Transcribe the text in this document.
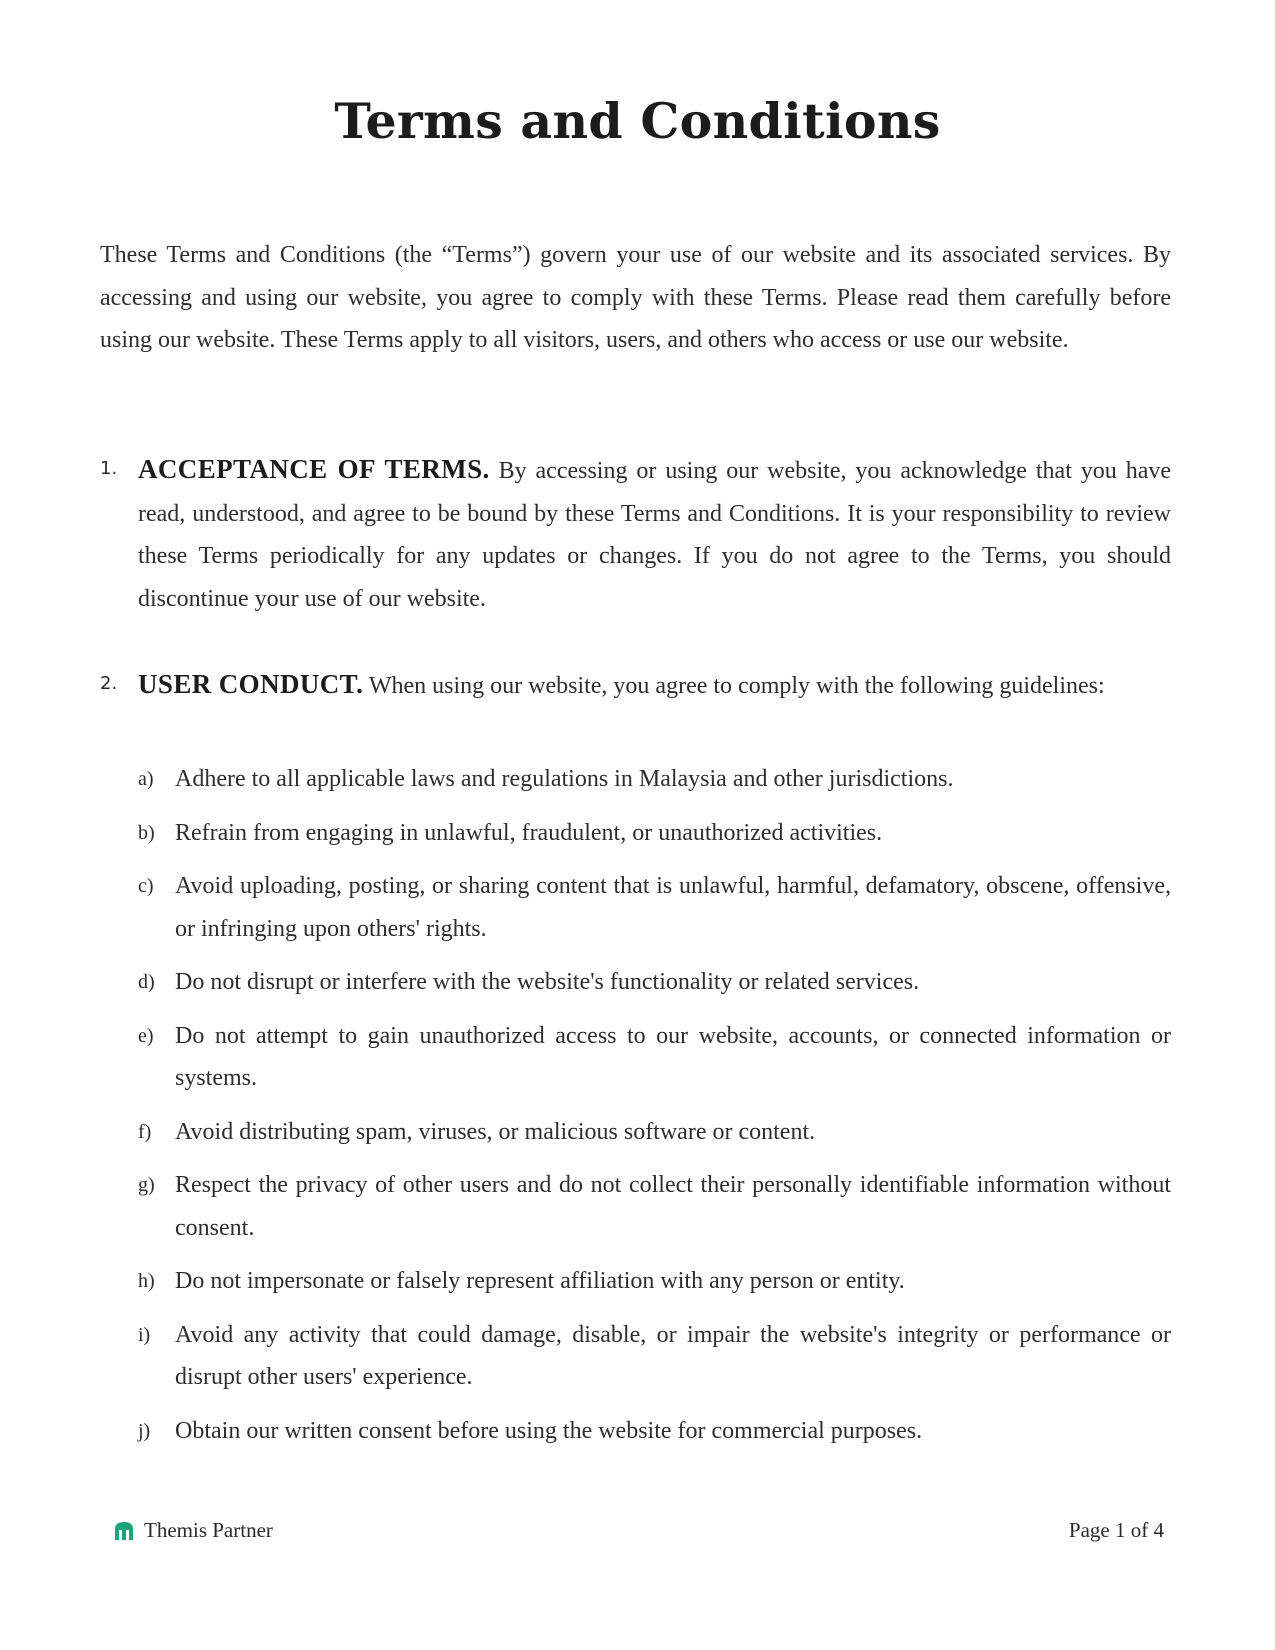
Terms and Conditions

These Terms and Conditions (the “Terms”) govern your use of our website and its associated services. By accessing and using our website, you agree to comply with these Terms. Please read them carefully before using our website. These Terms apply to all visitors, users, and others who access or use our website.

1. ACCEPTANCE OF TERMS. By accessing or using our website, you acknowledge that you have read, understood, and agree to be bound by these Terms and Conditions. It is your responsibility to review these Terms periodically for any updates or changes. If you do not agree to the Terms, you should discontinue your use of our website.
2. USER CONDUCT. When using our website, you agree to comply with the following guidelines:
a) Adhere to all applicable laws and regulations in Malaysia and other jurisdictions.
b) Refrain from engaging in unlawful, fraudulent, or unauthorized activities.
c) Avoid uploading, posting, or sharing content that is unlawful, harmful, defamatory, obscene, offensive, or infringing upon others' rights.
d) Do not disrupt or interfere with the website's functionality or related services.
e) Do not attempt to gain unauthorized access to our website, accounts, or connected information or systems.
f) Avoid distributing spam, viruses, or malicious software or content.
g) Respect the privacy of other users and do not collect their personally identifiable information without consent.
h) Do not impersonate or falsely represent affiliation with any person or entity.
i)	Avoid any activity that could damage, disable, or impair the website's integrity or performance or disrupt other users' experience.
j)	Obtain our written consent before using the website for commercial purposes.
Themis Partner	Page 1 of 4
